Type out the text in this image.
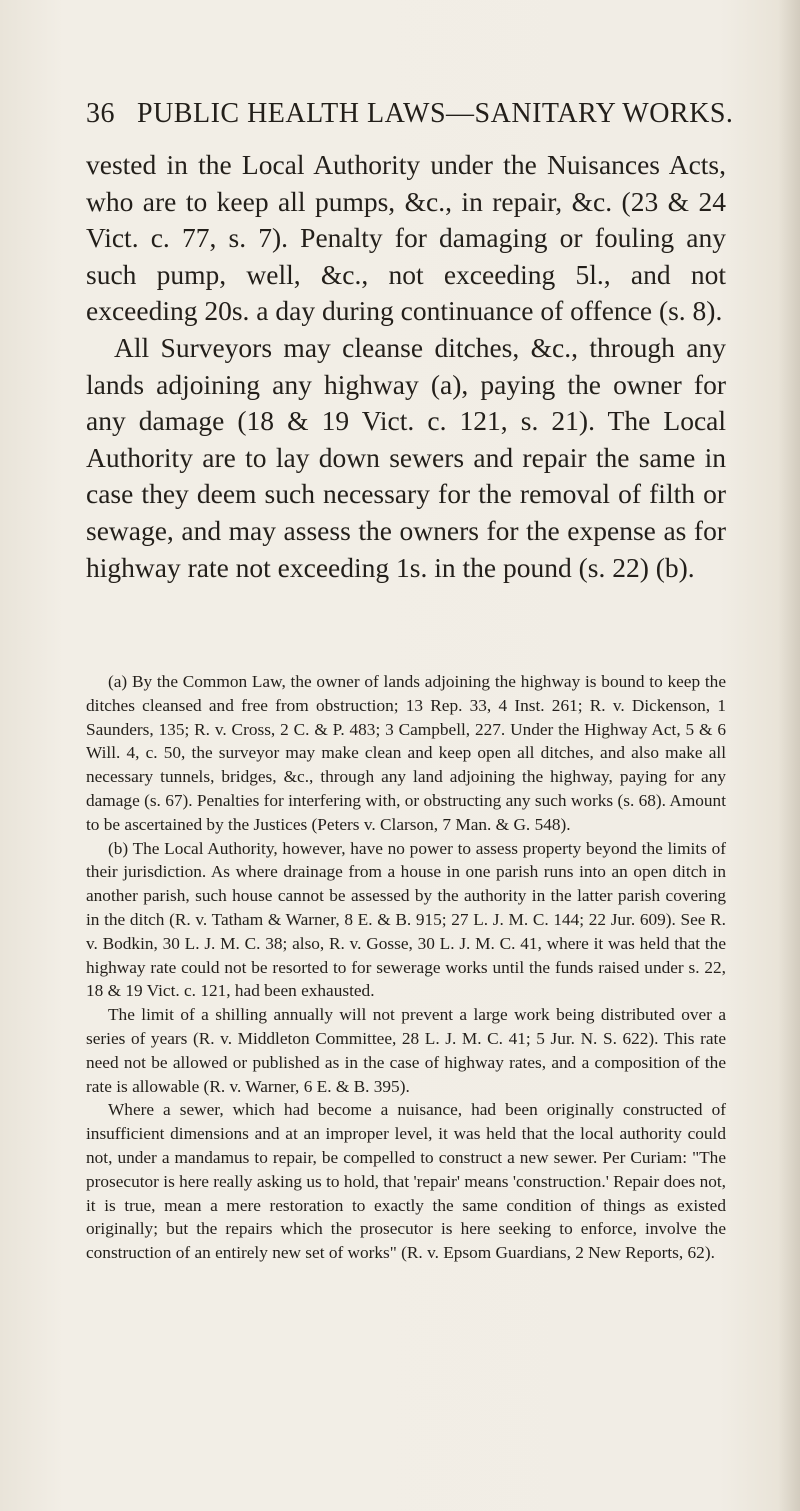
36 PUBLIC HEALTH LAWS—SANITARY WORKS.

vested in the Local Authority under the Nuisances Acts, who are to keep all pumps, &c., in repair, &c. (23 & 24 Vict. c. 77, s. 7). Penalty for damaging or fouling any such pump, well, &c., not exceeding 5l., and not exceeding 20s. a day during continuance of offence (s. 8).

All Surveyors may cleanse ditches, &c., through any lands adjoining any highway (a), paying the owner for any damage (18 & 19 Vict. c. 121, s. 21). The Local Authority are to lay down sewers and repair the same in case they deem such necessary for the removal of filth or sewage, and may assess the owners for the expense as for highway rate not exceeding 1s. in the pound (s. 22) (b).

(a) By the Common Law, the owner of lands adjoining the highway is bound to keep the ditches cleansed and free from obstruction; 13 Rep. 33, 4 Inst. 261; R. v. Dickenson, 1 Saunders, 135; R. v. Cross, 2 C. & P. 483; 3 Campbell, 227. Under the Highway Act, 5 & 6 Will. 4, c. 50, the surveyor may make clean and keep open all ditches, and also make all necessary tunnels, bridges, &c., through any land adjoining the highway, paying for any damage (s. 67). Penalties for interfering with, or obstructing any such works (s. 68). Amount to be ascertained by the Justices (Peters v. Clarson, 7 Man. & G. 548).

(b) The Local Authority, however, have no power to assess property beyond the limits of their jurisdiction. As where drainage from a house in one parish runs into an open ditch in another parish, such house cannot be assessed by the authority in the latter parish covering in the ditch (R. v. Tatham & Warner, 8 E. & B. 915; 27 L. J. M. C. 144; 22 Jur. 609). See R. v. Bodkin, 30 L. J. M. C. 38; also, R. v. Gosse, 30 L. J. M. C. 41, where it was held that the highway rate could not be resorted to for sewerage works until the funds raised under s. 22, 18 & 19 Vict. c. 121, had been exhausted.

The limit of a shilling annually will not prevent a large work being distributed over a series of years (R. v. Middleton Committee, 28 L. J. M. C. 41; 5 Jur. N. S. 622). This rate need not be allowed or published as in the case of highway rates, and a composition of the rate is allowable (R. v. Warner, 6 E. & B. 395).

Where a sewer, which had become a nuisance, had been originally constructed of insufficient dimensions and at an improper level, it was held that the local authority could not, under a mandamus to repair, be compelled to construct a new sewer. Per Curiam: "The prosecutor is here really asking us to hold, that 'repair' means 'construction.' Repair does not, it is true, mean a mere restoration to exactly the same condition of things as existed originally; but the repairs which the prosecutor is here seeking to enforce, involve the construction of an entirely new set of works" (R. v. Epsom Guardians, 2 New Reports, 62).
